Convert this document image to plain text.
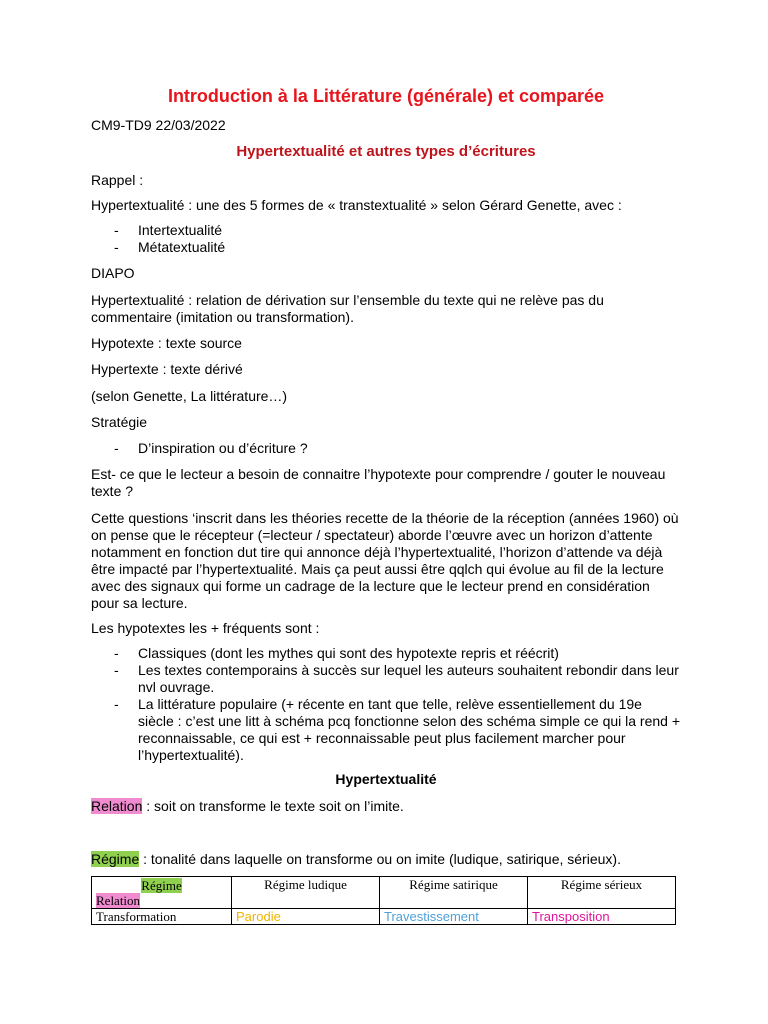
Introduction à la Littérature (générale) et comparée
CM9-TD9 22/03/2022
Hypertextualité et autres types d’écritures
Rappel :
Hypertextualité : une des 5 formes de « transtextualité » selon Gérard Genette, avec :
- Intertextualité
- Métatextualité
DIAPO
Hypertextualité : relation de dérivation sur l’ensemble du texte qui ne relève pas du commentaire (imitation ou transformation).
Hypotexte : texte source
Hypertexte : texte dérivé
(selon Genette, La littérature…)
Stratégie
- D’inspiration ou d’écriture ?
Est- ce que le lecteur a besoin de connaitre l’hypotexte pour comprendre / gouter le nouveau texte ?
Cette questions ‘inscrit dans les théories recette de la théorie de la réception (années 1960) où on pense que le récepteur (=lecteur / spectateur) aborde l’œuvre avec un horizon d’attente notamment en fonction dut tire qui annonce déjà l’hypertextualité, l’horizon d’attende va déjà être impacté par l’hypertextualité. Mais ça peut aussi être qqlch qui évolue au fil de la lecture avec des signaux qui forme un cadrage de la lecture que le lecteur prend en considération pour sa lecture.
Les hypotextes les + fréquents sont :
- Classiques (dont les mythes qui sont des hypotexte repris et réécrit)
- Les textes contemporains à succès sur lequel les auteurs souhaitent rebondir dans leur nvl ouvrage.
- La littérature populaire (+ récente en tant que telle, relève essentiellement du 19e siècle : c’est une litt à schéma pcq fonctionne selon des schéma simple ce qui la rend + reconnaissable, ce qui est + reconnaissable peut plus facilement marcher pour l’hypertextualité).
Hypertextualité
Relation : soit on transforme le texte soit on l’imite.
Régime : tonalité dans laquelle on transforme ou on imite (ludique, satirique, sérieux).
Régime
Relation	Régime ludique	Régime satirique	Régime sérieux
Transformation	Parodie	Travestissement	Transposition
